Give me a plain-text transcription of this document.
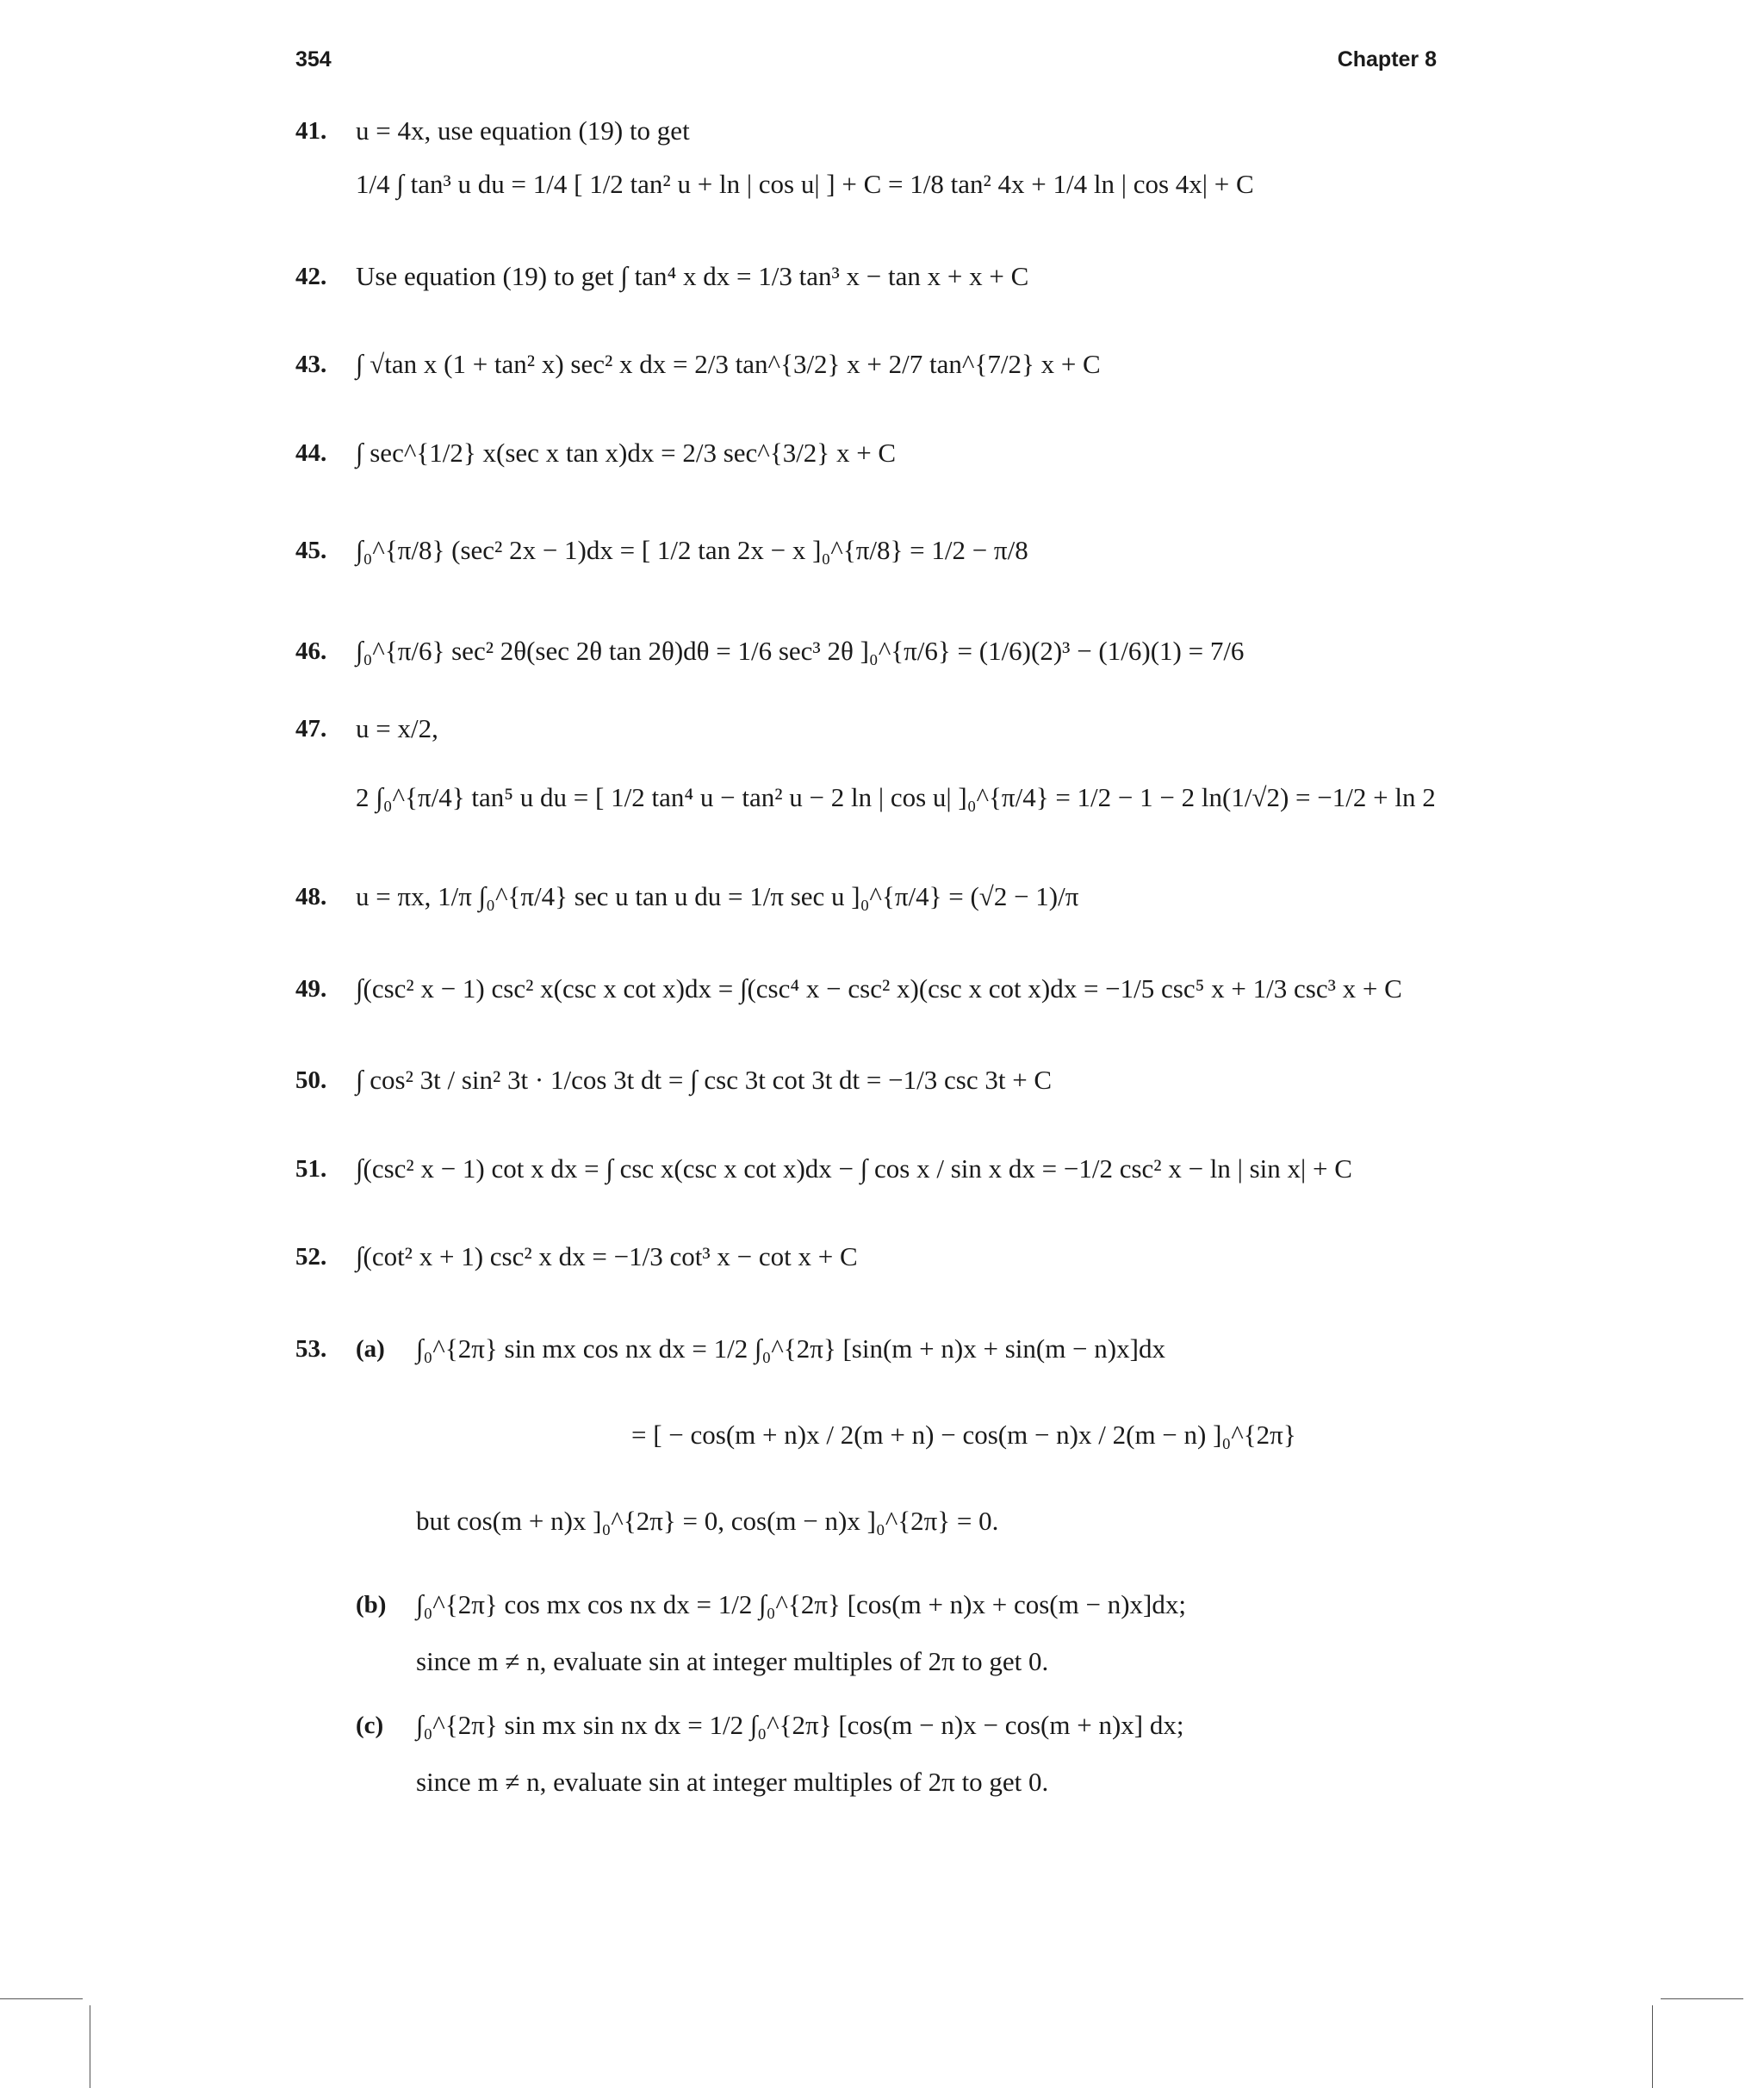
354	Chapter 8
41.
42.
43.
44.
45.
46.
47.
48.
49.
50.
51.
52.
53. (a)
(b)
(c)
u = 4x, use equation (19) to get
1/4 ∫ tan³ u du = 1/4 [ 1/2 tan² u + ln | cos u| ] + C = 1/8 tan² 4x + 1/4 ln | cos 4x| + C
Use equation (19) to get ∫ tan⁴ x dx = 1/3 tan³ x − tan x + x + C
∫ √tan x (1 + tan² x) sec² x dx = 2/3 tan^{3/2} x + 2/7 tan^{7/2} x + C
∫ sec^{1/2} x(sec x tan x)dx = 2/3 sec^{3/2} x + C
∫₀^{π/8} (sec² 2x − 1)dx = [ 1/2 tan 2x − x ]₀^{π/8} = 1/2 − π/8
∫₀^{π/6} sec² 2θ(sec 2θ tan 2θ)dθ = 1/6 sec³ 2θ ]₀^{π/6} = (1/6)(2)³ − (1/6)(1) = 7/6
u = x/2,
2 ∫₀^{π/4} tan⁵ u du = [ 1/2 tan⁴ u − tan² u − 2 ln | cos u| ]₀^{π/4} = 1/2 − 1 − 2 ln(1/√2) = −1/2 + ln 2
u = πx, 1/π ∫₀^{π/4} sec u tan u du = 1/π sec u ]₀^{π/4} = (√2 − 1)/π
∫(csc² x − 1) csc² x(csc x cot x)dx = ∫(csc⁴ x − csc² x)(csc x cot x)dx = −1/5 csc⁵ x + 1/3 csc³ x + C
∫ cos² 3t / sin² 3t · 1/cos 3t dt = ∫ csc 3t cot 3t dt = −1/3 csc 3t + C
∫(csc² x − 1) cot x dx = ∫ csc x(csc x cot x)dx − ∫ cos x / sin x dx = −1/2 csc² x − ln | sin x| + C
∫(cot² x + 1) csc² x dx = −1/3 cot³ x − cot x + C
∫₀^{2π} sin mx cos nx dx = 1/2 ∫₀^{2π} [sin(m + n)x + sin(m − n)x]dx
= [ − cos(m + n)x / 2(m + n) − cos(m − n)x / 2(m − n) ]₀^{2π}
but cos(m + n)x ]₀^{2π} = 0, cos(m − n)x ]₀^{2π} = 0.
∫₀^{2π} cos mx cos nx dx = 1/2 ∫₀^{2π} [cos(m + n)x + cos(m − n)x]dx;
since m ≠ n, evaluate sin at integer multiples of 2π to get 0.
∫₀^{2π} sin mx sin nx dx = 1/2 ∫₀^{2π} [cos(m − n)x − cos(m + n)x] dx;
since m ≠ n, evaluate sin at integer multiples of 2π to get 0.
